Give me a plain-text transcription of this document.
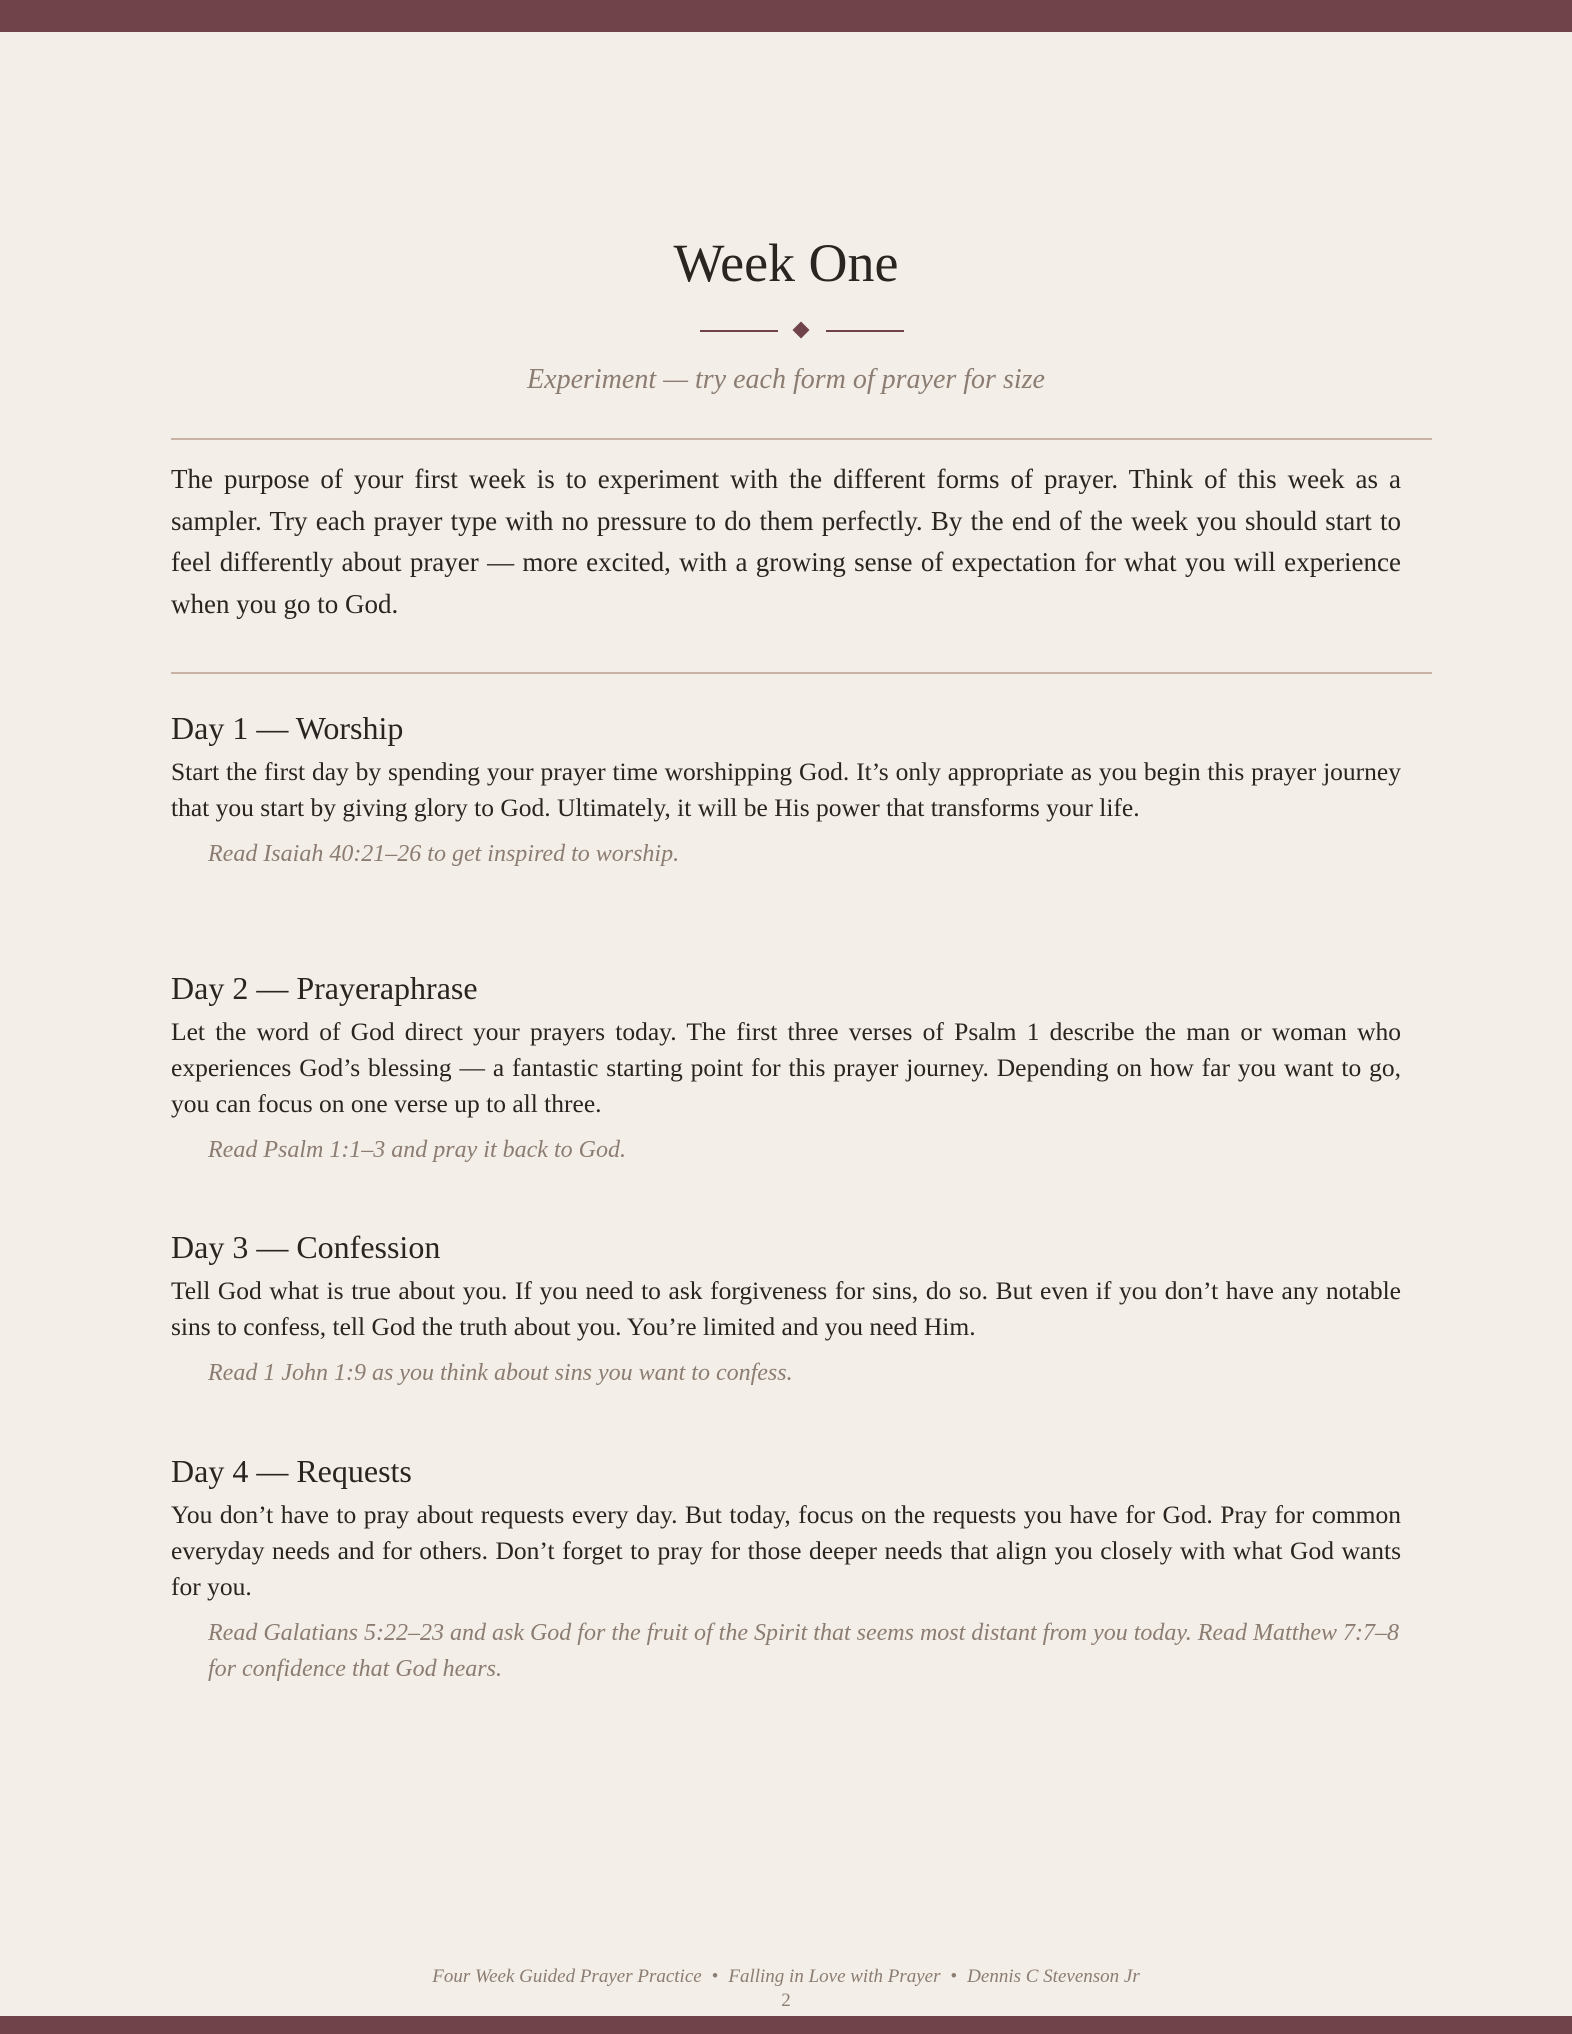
Week One
Experiment — try each form of prayer for size

The purpose of your first week is to experiment with the different forms of prayer. Think of this week as a sampler. Try each prayer type with no pressure to do them perfectly. By the end of the week you should start to feel differently about prayer — more excited, with a growing sense of expectation for what you will experience when you go to God.

Day 1 — Worship

Start the first day by spending your prayer time worshipping God. It’s only appropriate as you begin this prayer journey that you start by giving glory to God. Ultimately, it will be His power that transforms your life.

Read Isaiah 40:21–26 to get inspired to worship.
Day 2 — Prayeraphrase

Let the word of God direct your prayers today. The first three verses of Psalm 1 describe the man or woman who experiences God’s blessing — a fantastic starting point for this prayer journey. Depending on how far you want to go, you can focus on one verse up to all three.

Read Psalm 1:1–3 and pray it back to God.
Day 3 — Confession

Tell God what is true about you. If you need to ask forgiveness for sins, do so. But even if you don’t have any notable sins to confess, tell God the truth about you. You’re limited and you need Him.

Read 1 John 1:9 as you think about sins you want to confess.
Day 4 — Requests

You don’t have to pray about requests every day. But today, focus on the requests you have for God. Pray for common everyday needs and for others. Don’t forget to pray for those deeper needs that align you closely with what God wants for you.

Read Galatians 5:22–23 and ask God for the fruit of the Spirit that seems most distant from you today. Read Matthew 7:7–8 for confidence that God hears.
Four Week Guided Prayer Practice • Falling in Love with Prayer • Dennis C Stevenson Jr
2
